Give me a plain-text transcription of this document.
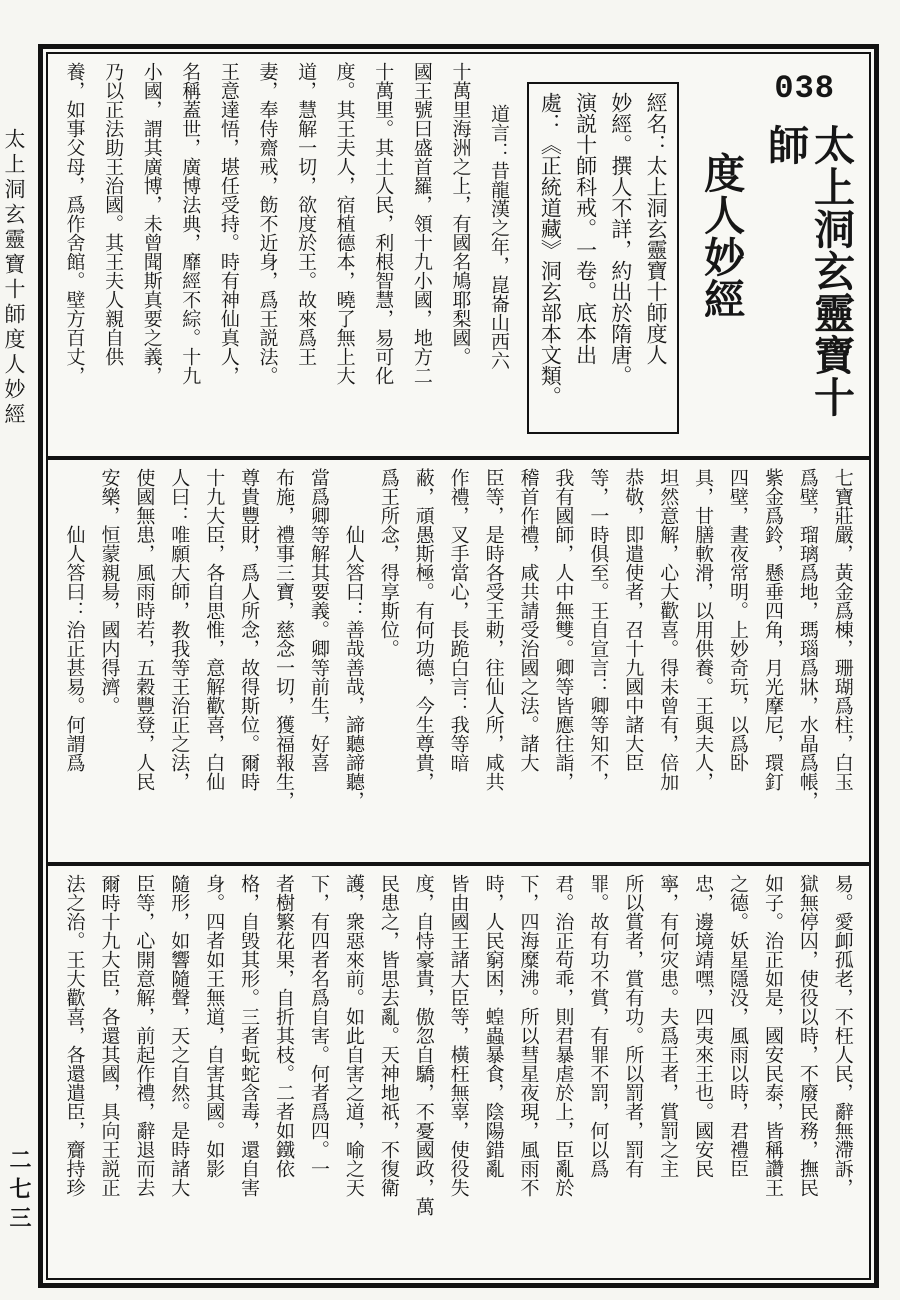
太上洞玄靈寶十師度人妙經
二七三
038
太上洞玄靈寶十師
度人妙經
經名：太上洞玄靈寶十師度人
妙經。撰人不詳，約出於隋唐。
演説十師科戒。一卷。底本出
處：《正統道藏》洞玄部本文類。
道言：昔龍漢之年，崑崙山西六
十萬里海洲之上，有國名鳩耶梨國。
國王號曰盛首羅，領十九小國，地方二
十萬里。其土人民，利根智慧，易可化
度。其王夫人，宿植德本，曉了無上大
道，慧解一切，欲度於王。故來爲王
妻，奉侍齋戒，飭不近身，爲王説法。
王意達悟，堪任受持。時有神仙真人，
名稱蓋世，廣博法典，靡經不綜。十九
小國，謂其廣博，未曾聞斯真要之義，
乃以正法助王治國。其王夫人親自供
養，如事父母，爲作舍館。壁方百丈，
七寶莊嚴，黃金爲棟，珊瑚爲柱，白玉
爲壁，瑠璃爲地，瑪瑙爲牀，水晶爲帳，
紫金爲鈴，懸垂四角，月光摩尼，環釘
四壁，晝夜常明。上妙奇玩，以爲卧
具，甘膳軟滑，以用供養。王與夫人，
坦然意解，心大歡喜。得未曾有，倍加
恭敬，即遣使者，召十九國中諸大臣
等，一時俱至。王自宣言：卿等知不，
我有國師，人中無雙。卿等皆應往詣，
稽首作禮，咸共請受治國之法。諸大
臣等，是時各受王勅，往仙人所，咸共
作禮，叉手當心，長跪白言：我等暗
蔽，頑愚斯極。有何功德，今生尊貴，
爲王所念，得享斯位。
仙人答曰：善哉善哉，諦聽諦聽，
當爲卿等解其要義。卿等前生，好喜
布施，禮事三寶，慈念一切，獲福報生，
尊貴豐財，爲人所念，故得斯位。爾時
十九大臣，各自思惟，意解歡喜，白仙
人曰：唯願大師，教我等王治正之法，
使國無患，風雨時若，五穀豐登，人民
安樂，恒蒙親昜，國内得濟。
仙人答曰：治正甚易。何謂爲
易。愛卹孤老，不枉人民，辭無滯訴，
獄無停囚，使役以時，不廢民務，撫民
如子。治正如是，國安民泰，皆稱讚王
之德。妖星隱没，風雨以時，君禮臣
忠，邊境靖嘿，四夷來王也。國安民
寧，有何灾患。夫爲王者，賞罰之主
所以賞者，賞有功。所以罰者，罰有
罪。故有功不賞，有罪不罰，何以爲
君。治正苟乖，則君暴虐於上，臣亂於
下，四海糜沸。所以彗星夜現，風雨不
時，人民窮困，蝗蟲暴食，陰陽錯亂
皆由國王諸大臣等，橫枉無辜，使役失
度，自恃豪貴，傲忽自驕，不憂國政，萬
民患之，皆思去亂。天神地祇，不復衛
護，衆惡來前。如此自害之道，喻之天
下，有四者名爲自害。何者爲四。一
者樹繁花果，自折其枝。二者如鐵依
格，自毁其形。三者蚖蛇含毒，還自害
身。四者如王無道，自害其國。如影
隨形，如響隨聲，天之自然。是時諸大
臣等，心開意解，前起作禮，辭退而去
爾時十九大臣，各還其國，具向王説正
法之治。王大歡喜，各還遣臣，齎持珍
